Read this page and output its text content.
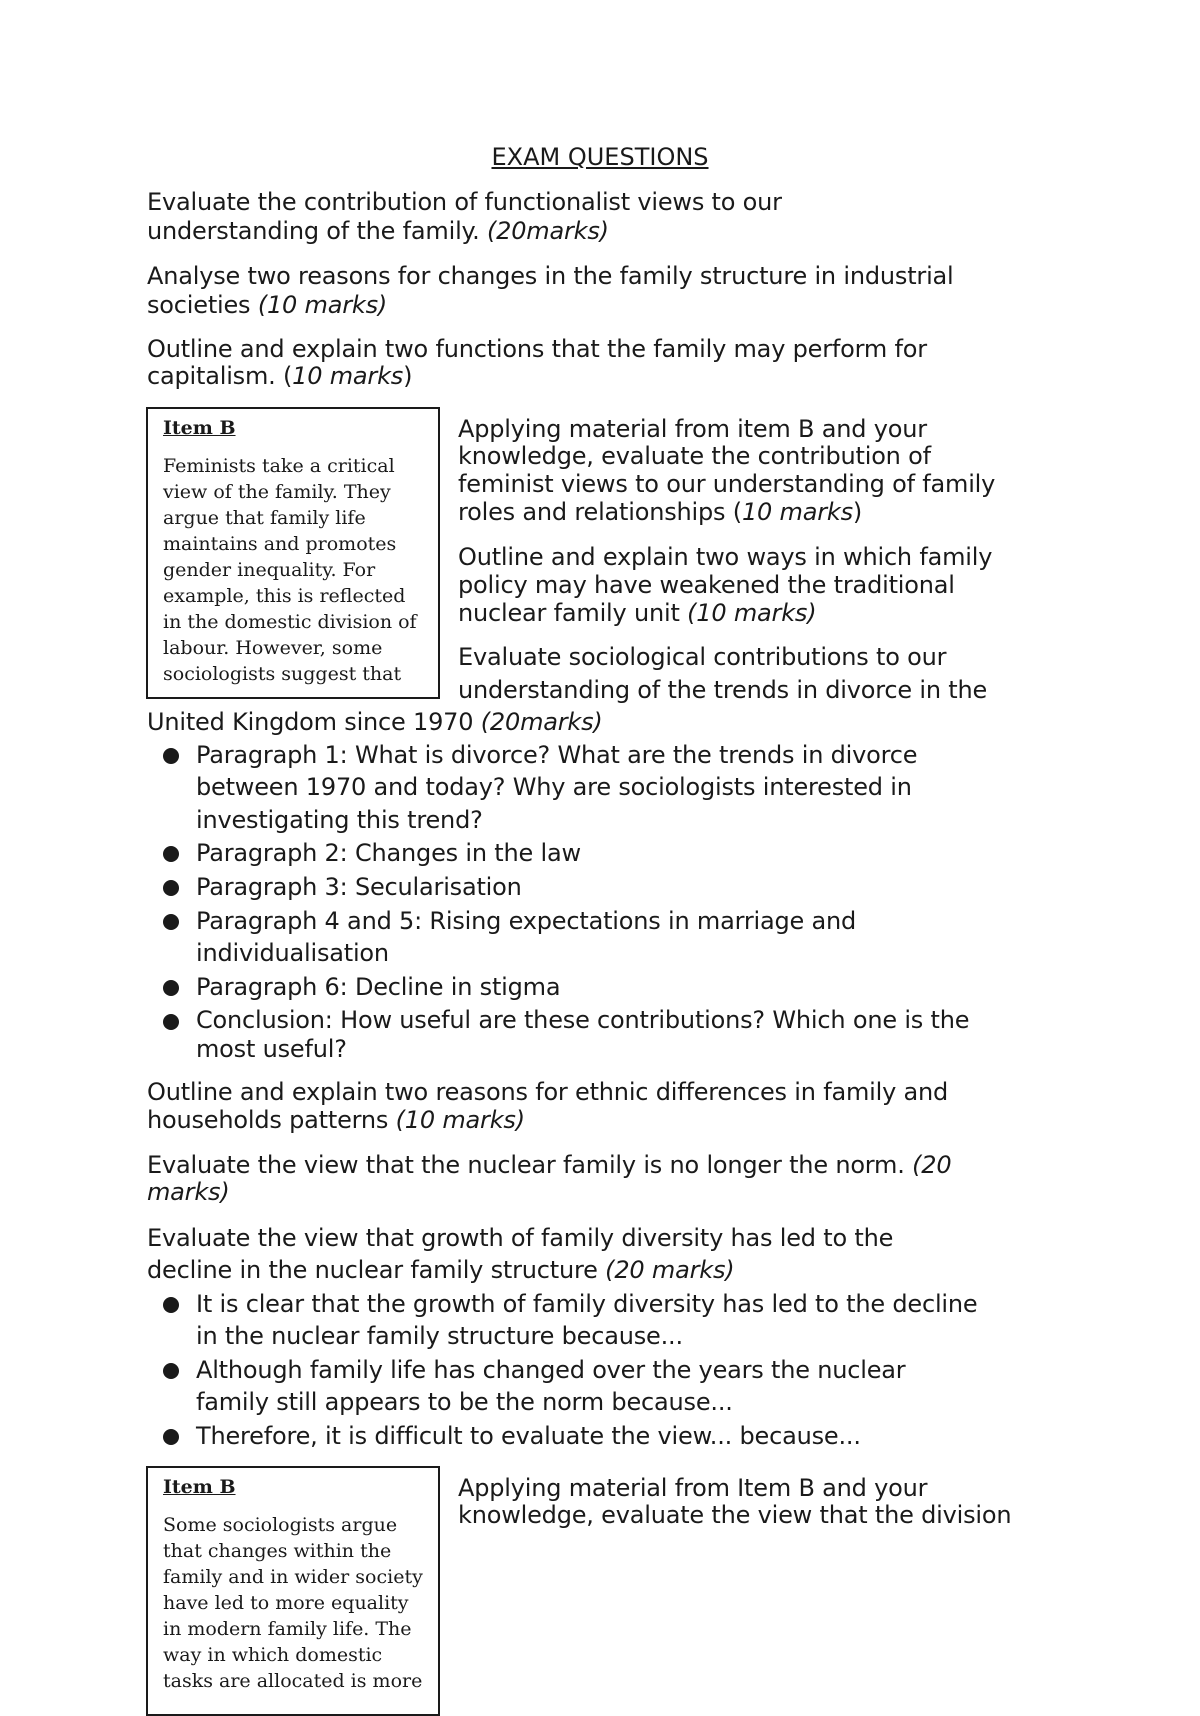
EXAM QUESTIONS

Evaluate the contribution of functionalist views to our

understanding of the family. (20marks)

Analyse two reasons for changes in the family structure in industrial

societies (10 marks)

Outline and explain two functions that the family may perform for

capitalism. (10 marks)

Item B
Feminists take a critical
view of the family. They
argue that family life
maintains and promotes
gender inequality. For
example, this is reflected
in the domestic division of
labour. However, some
sociologists suggest that

Applying material from item B and your

knowledge, evaluate the contribution of

feminist views to our understanding of family

roles and relationships (10 marks)

Outline and explain two ways in which family

policy may have weakened the traditional

nuclear family unit (10 marks)

Evaluate sociological contributions to our

understanding of the trends in divorce in the

United Kingdom since 1970 (20marks)

Paragraph 1: What is divorce? What are the trends in divorce

between 1970 and today? Why are sociologists interested in

investigating this trend?

Paragraph 2: Changes in the law

Paragraph 3: Secularisation

Paragraph 4 and 5: Rising expectations in marriage and

individualisation

Paragraph 6: Decline in stigma

Conclusion: How useful are these contributions? Which one is the

most useful?

Outline and explain two reasons for ethnic differences in family and

households patterns (10 marks)

Evaluate the view that the nuclear family is no longer the norm. (20

marks)

Evaluate the view that growth of family diversity has led to the

decline in the nuclear family structure (20 marks)

It is clear that the growth of family diversity has led to the decline

in the nuclear family structure because...

Although family life has changed over the years the nuclear

family still appears to be the norm because...

Therefore, it is difficult to evaluate the view... because...

Item B
Some sociologists argue
that changes within the
family and in wider society
have led to more equality
in modern family life. The
way in which domestic
tasks are allocated is more

Applying material from Item B and your

knowledge, evaluate the view that the division
